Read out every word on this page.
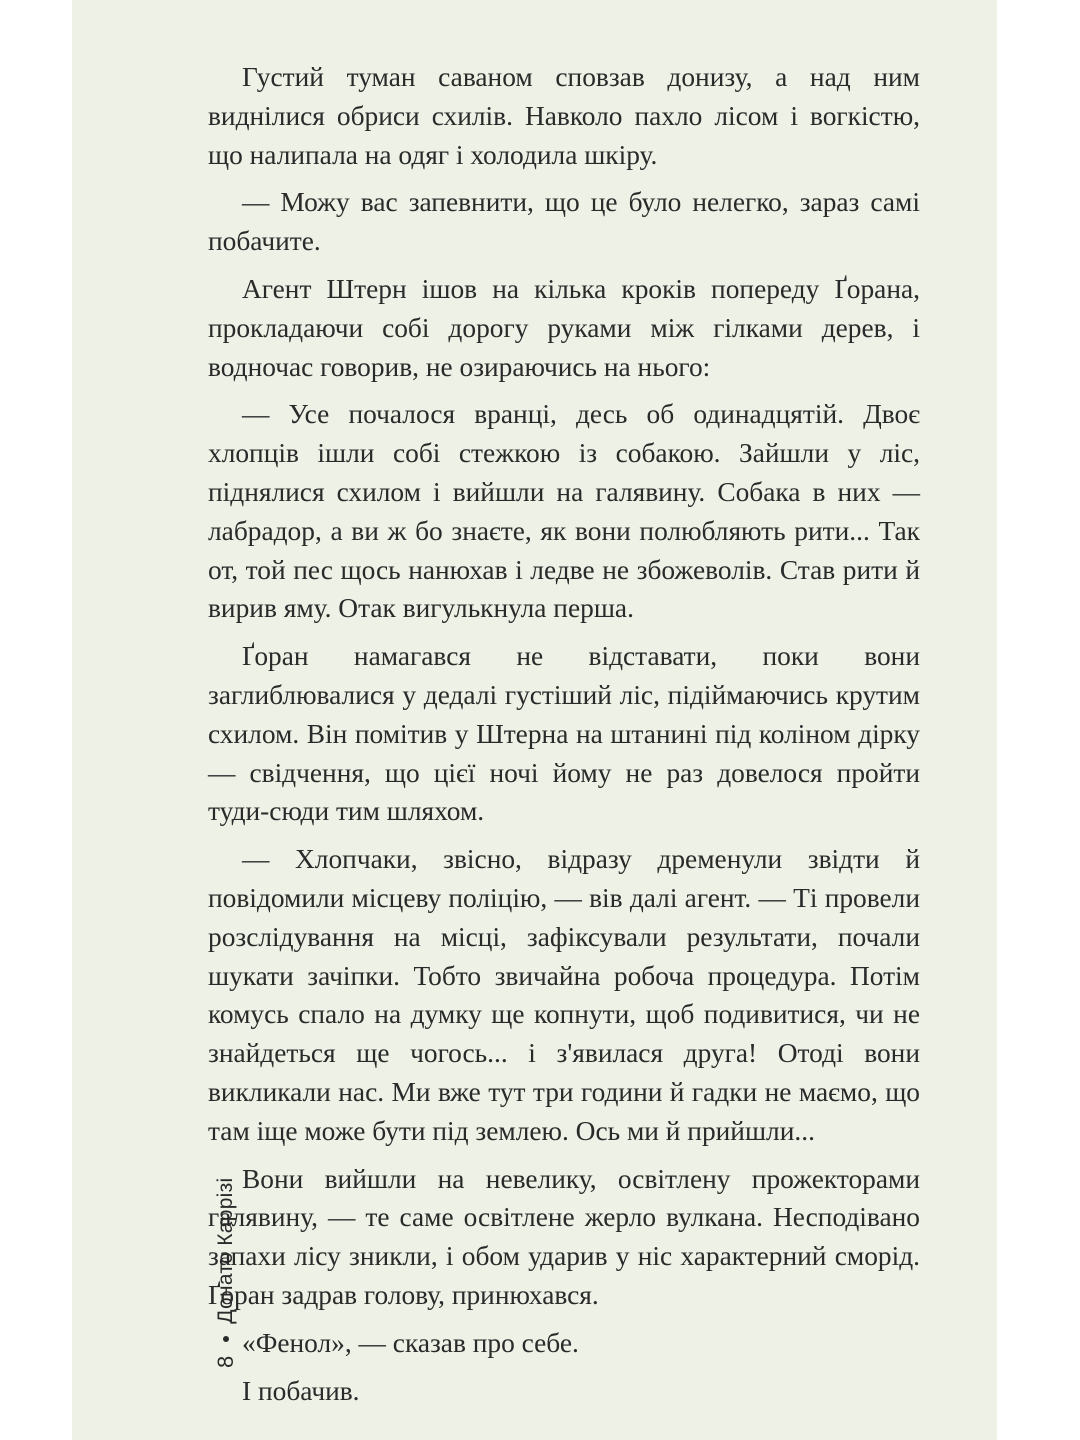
Густий туман саваном сповзав донизу, а над ним виднілися обриси схилів. Навколо пахло лісом і вогкістю, що налипала на одяг і холодила шкіру.

— Можу вас запевнити, що це було нелегко, зараз самі побачите.

Агент Штерн ішов на кілька кроків попереду Ґорана, прокладаючи собі дорогу руками між гілками дерев, і водночас говорив, не озираючись на нього:

— Усе почалося вранці, десь об одинадцятій. Двоє хлопців ішли собі стежкою із собакою. Зайшли у ліс, піднялися схилом і вийшли на галявину. Собака в них — лабрадор, а ви ж бо знаєте, як вони полюбляють рити... Так от, той пес щось нанюхав і ледве не збожеволів. Став рити й вирив яму. Отак вигулькнула перша.

Ґоран намагався не відставати, поки вони заглиблювалися у дедалі густіший ліс, підіймаючись крутим схилом. Він помітив у Штерна на штанині під коліном дірку — свідчення, що цієї ночі йому не раз довелося пройти туди-сюди тим шляхом.

— Хлопчаки, звісно, відразу дременули звідти й повідомили місцеву поліцію, — вів далі агент. — Ті провели розслідування на місці, зафіксували результати, почали шукати зачіпки. Тобто звичайна робоча процедура. Потім комусь спало на думку ще копнути, щоб подивитися, чи не знайдеться ще чогось... і з'явилася друга! Отоді вони викликали нас. Ми вже тут три години й гадки не маємо, що там іще може бути під землею. Ось ми й прийшли...

Вони вийшли на невелику, освітлену прожекторами галявину, — те саме освітлене жерло вулкана. Несподівано запахи лісу зникли, і обом ударив у ніс характерний сморід. Ґоран задрав голову, принюхався.

«Фенол», — сказав про себе.

І побачив.

8
Донато Каррізі
